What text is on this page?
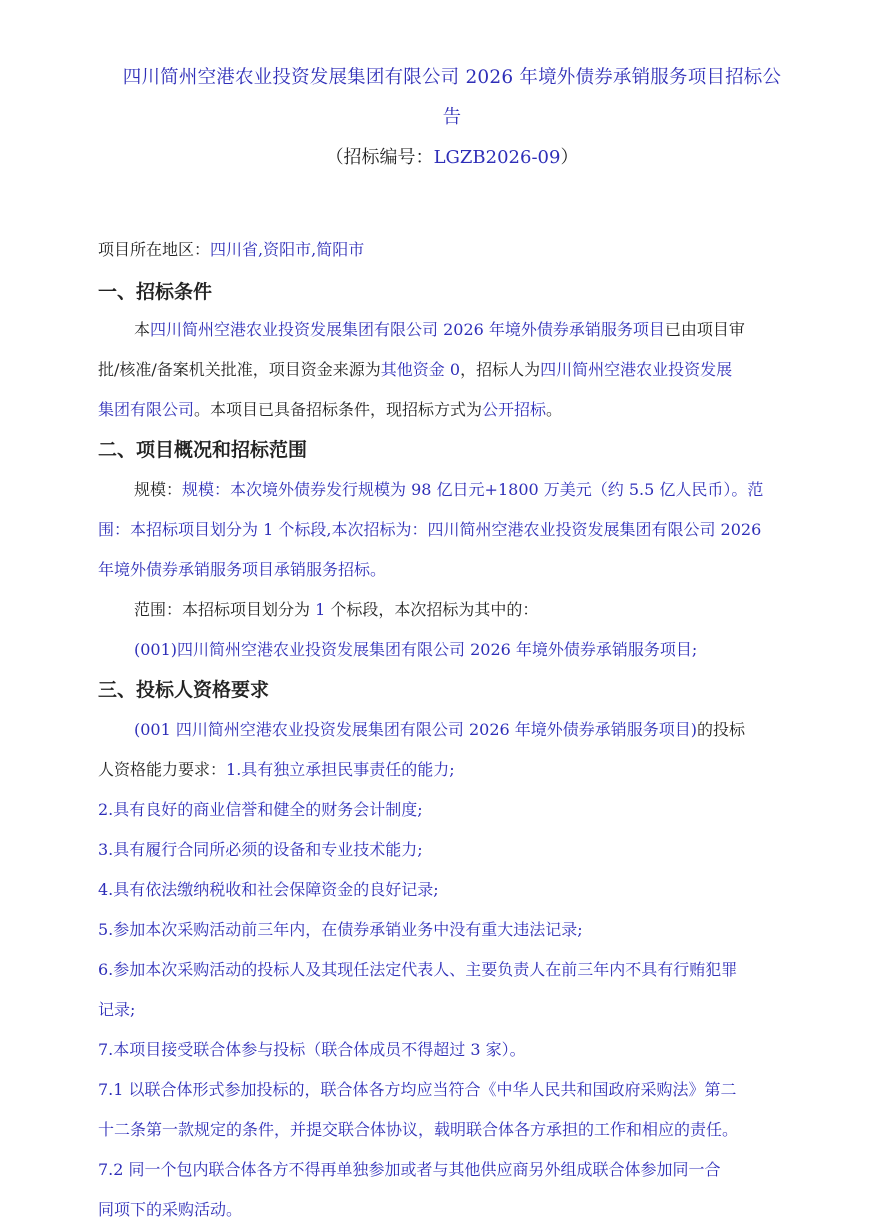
四川简州空港农业投资发展集团有限公司 2026 年境外债券承销服务项目招标公
告
（招标编号：LGZB2026-09）
项目所在地区：四川省,资阳市,简阳市
一、招标条件
本四川简州空港农业投资发展集团有限公司 2026 年境外债券承销服务项目已由项目审
批/核准/备案机关批准，项目资金来源为其他资金 0，招标人为四川简州空港农业投资发展
集团有限公司。本项目已具备招标条件，现招标方式为公开招标。
二、项目概况和招标范围
规模：规模：本次境外债券发行规模为 98 亿日元+1800 万美元（约 5.5 亿人民币）。范
围：本招标项目划分为 1 个标段,本次招标为：四川简州空港农业投资发展集团有限公司 2026
年境外债券承销服务项目承销服务招标。
范围：本招标项目划分为 1 个标段，本次招标为其中的：
(001)四川简州空港农业投资发展集团有限公司 2026 年境外债券承销服务项目;
三、投标人资格要求
(001 四川简州空港农业投资发展集团有限公司 2026 年境外债券承销服务项目)的投标
人资格能力要求：1.具有独立承担民事责任的能力;
2.具有良好的商业信誉和健全的财务会计制度;
3.具有履行合同所必须的设备和专业技术能力;
4.具有依法缴纳税收和社会保障资金的良好记录;
5.参加本次采购活动前三年内，在债券承销业务中没有重大违法记录;
6.参加本次采购活动的投标人及其现任法定代表人、主要负责人在前三年内不具有行贿犯罪
记录;
7.本项目接受联合体参与投标（联合体成员不得超过 3 家）。
7.1 以联合体形式参加投标的，联合体各方均应当符合《中华人民共和国政府采购法》第二
十二条第一款规定的条件，并提交联合体协议，载明联合体各方承担的工作和相应的责任。
7.2 同一个包内联合体各方不得再单独参加或者与其他供应商另外组成联合体参加同一合
同项下的采购活动。
